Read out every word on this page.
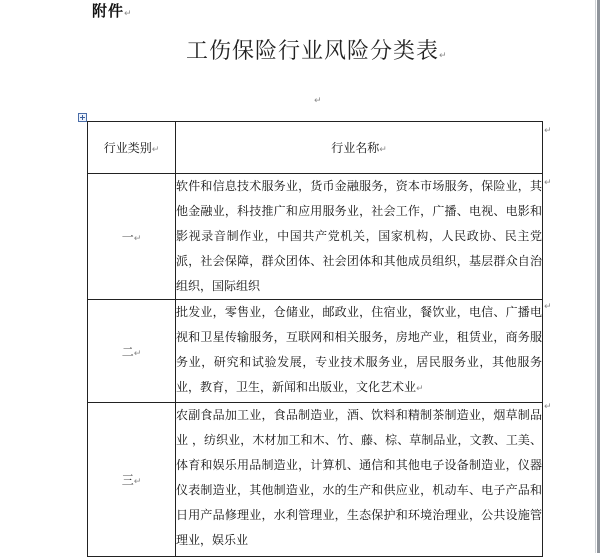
附件↵
工伤保险行业风险分类表↵
↵
行业类别↵	行业名称↵
一↵	软件和信息技术服务业，货币金融服务，资本市场服务，保险业，其他金融业，科技推广和应用服务业，社会工作，广播、电视、电影和影视录音制作业，中国共产党机关，国家机构，人民政协、民主党派，社会保障，群众团体、社会团体和其他成员组织，基层群众自治组织，国际组织
二↵	批发业，零售业，仓储业，邮政业，住宿业，餐饮业，电信、广播电视和卫星传输服务，互联网和相关服务，房地产业，租赁业，商务服务业，研究和试验发展，专业技术服务业，居民服务业，其他服务业，教育，卫生，新闻和出版业，文化艺术业↵
三↵	农副食品加工业，食品制造业，酒、饮料和精制茶制造业，烟草制品业 ，纺织业，木材加工和木、竹、藤、棕、草制品业，文教、工美、体育和娱乐用品制造业，计算机、通信和其他电子设备制造业，仪器仪表制造业，其他制造业，水的生产和供应业，机动车、电子产品和日用产品修理业，水利管理业，生态保护和环境治理业，公共设施管理业，娱乐业
↵
↵
↵
↵
